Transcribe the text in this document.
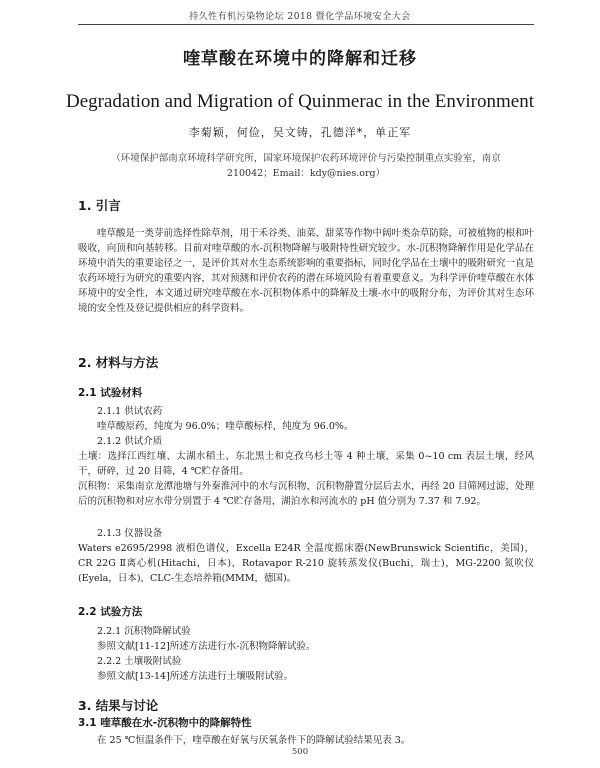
持久性有机污染物论坛 2018 暨化学品环境安全大会
喹草酸在环境中的降解和迁移
Degradation and Migration of Quinmerac in the Environment
李菊颖，何俭，吴文铸，孔德洋*，单正军
（环境保护部南京环境科学研究所，国家环境保护农药环境评价与污染控制重点实验室，南京
210042；Email：kdy@nies.org）
1. 引言
喹草酸是一类芽前选择性除草剂，用于禾谷类、油菜、甜菜等作物中阔叶类杂草防除，可被植物的根和叶吸收，向顶和向基转移。目前对喹草酸的水-沉积物降解与吸附特性研究较少。水-沉积物降解作用是化学品在环境中消失的重要途径之一，是评价其对水生态系统影响的重要指标，同时化学品在土壤中的吸附研究一直是农药环境行为研究的重要内容，其对预测和评价农药的潜在环境风险有着重要意义。为科学评价喹草酸在水体环境中的安全性，本文通过研究喹草酸在水-沉积物体系中的降解及土壤-水中的吸附分布，为评价其对生态环境的安全性及登记提供相应的科学资料。
2. 材料与方法
2.1 试验材料
2.1.1 供试农药
喹草酸原药，纯度为 96.0%；喹草酸标样，纯度为 96.0%。
2.1.2 供试介质
土壤：选择江西红壤、太湖水稻土、东北黑土和克孜乌杉土等 4 种土壤，采集 0~10 cm 表层土壤，经风干，研碎，过 20 目筛，4 ℃贮存备用。
沉积物：采集南京龙潭池塘与外秦淮河中的水与沉积物，沉积物静置分层后去水，再经 20 目筛网过滤，处理后的沉积物和对应水带分别置于 4 ℃贮存备用，湖泊水和河流水的 pH 值分别为 7.37 和 7.92。
2.1.3 仪器设备
Waters e2695/2998 液相色谱仪，Excella E24R 全温度摇床器(NewBrunswick Scientific，美国)，CR 22G Ⅱ离心机(Hitachi，日本)，Rotavapor R-210 旋转蒸发仪(Buchi，瑞士)，MG-2200 氮吹仪(Eyela，日本)，CLC-生态培养箱(MMM，德国)。
2.2 试验方法
2.2.1 沉积物降解试验
参照文献[11-12]所述方法进行水-沉积物降解试验。
2.2.2 土壤吸附试验
参照文献[13-14]所述方法进行土壤吸附试验。
3. 结果与讨论
3.1 喹草酸在水-沉积物中的降解特性
在 25 ℃恒温条件下，喹草酸在好氧与厌氧条件下的降解试验结果见表 3。
500
